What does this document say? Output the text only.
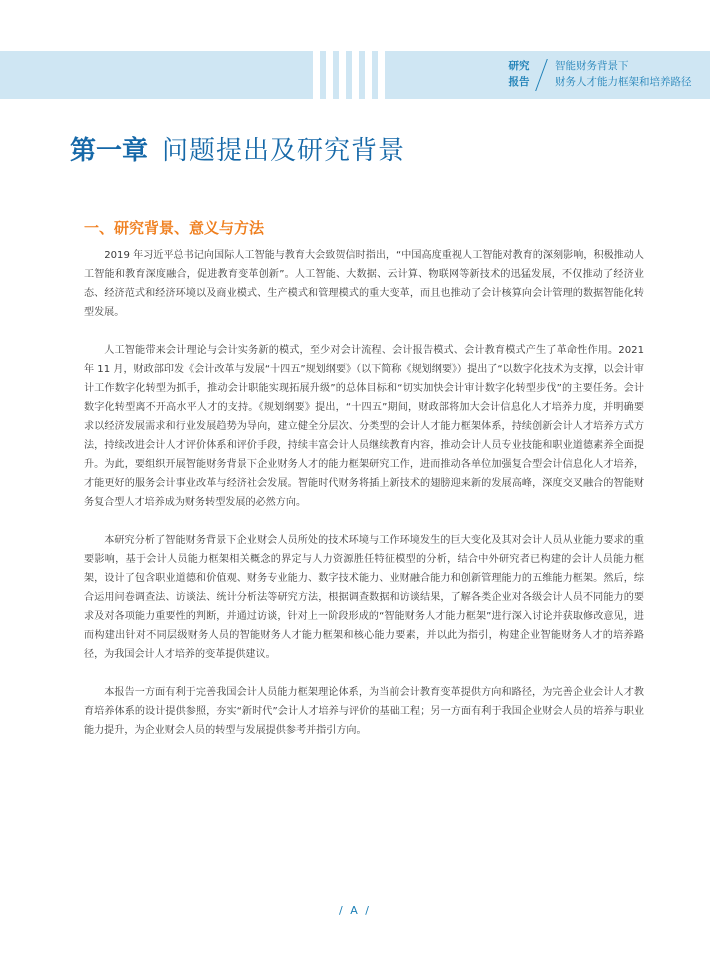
研究
报告
智能财务背景下
财务人才能力框架和培养路径
第一章 问题提出及研究背景
一、研究背景、意义与方法

2019 年习近平总书记向国际人工智能与教育大会致贺信时指出，“中国高度重视人工智能对教育的深刻影响，积极推动人工智能和教育深度融合，促进教育变革创新”。人工智能、大数据、云计算、物联网等新技术的迅猛发展，不仅推动了经济业态、经济范式和经济环境以及商业模式、生产模式和管理模式的重大变革，而且也推动了会计核算向会计管理的数据智能化转型发展。

人工智能带来会计理论与会计实务新的模式，至少对会计流程、会计报告模式、会计教育模式产生了革命性作用。2021 年 11 月，财政部印发《会计改革与发展“十四五”规划纲要》（以下简称《规划纲要》）提出了“以数字化技术为支撑，以会计审计工作数字化转型为抓手，推动会计职能实现拓展升级”的总体目标和“切实加快会计审计数字化转型步伐”的主要任务。会计数字化转型离不开高水平人才的支持。《规划纲要》提出，“十四五”期间，财政部将加大会计信息化人才培养力度，并明确要求以经济发展需求和行业发展趋势为导向，建立健全分层次、分类型的会计人才能力框架体系，持续创新会计人才培养方式方法，持续改进会计人才评价体系和评价手段，持续丰富会计人员继续教育内容，推动会计人员专业技能和职业道德素养全面提升。为此，要组织开展智能财务背景下企业财务人才的能力框架研究工作，进而推动各单位加强复合型会计信息化人才培养，才能更好的服务会计事业改革与经济社会发展。智能时代财务将插上新技术的翅膀迎来新的发展高峰，深度交叉融合的智能财务复合型人才培养成为财务转型发展的必然方向。

本研究分析了智能财务背景下企业财会人员所处的技术环境与工作环境发生的巨大变化及其对会计人员从业能力要求的重要影响，基于会计人员能力框架相关概念的界定与人力资源胜任特征模型的分析，结合中外研究者已构建的会计人员能力框架，设计了包含职业道德和价值观、财务专业能力、数字技术能力、业财融合能力和创新管理能力的五维能力框架。然后，综合运用问卷调查法、访谈法、统计分析法等研究方法，根据调查数据和访谈结果，了解各类企业对各级会计人员不同能力的要求及对各项能力重要性的判断，并通过访谈，针对上一阶段形成的“智能财务人才能力框架”进行深入讨论并获取修改意见，进而构建出针对不同层级财务人员的智能财务人才能力框架和核心能力要素，并以此为指引，构建企业智能财务人才的培养路径，为我国会计人才培养的变革提供建议。

本报告一方面有利于完善我国会计人员能力框架理论体系，为当前会计教育变革提供方向和路径，为完善企业会计人才教育培养体系的设计提供参照，夯实“新时代”会计人才培养与评价的基础工程；另一方面有利于我国企业财会人员的培养与职业能力提升，为企业财会人员的转型与发展提供参考并指引方向。

/ A /
